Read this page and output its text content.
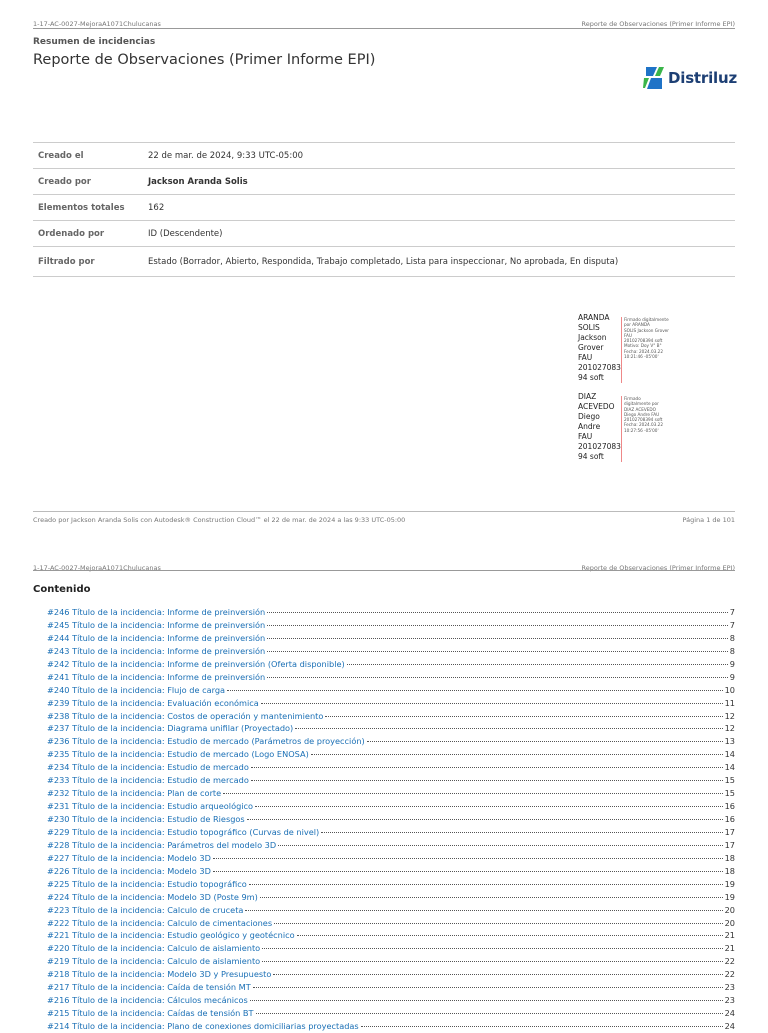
1-17-AC-0027-MejoraA1071Chulucanas	Reporte de Observaciones (Primer Informe EPI)
Resumen de incidencias
Reporte de Observaciones (Primer Informe EPI)
Distriluz
Creado el	22 de mar. de 2024, 9:33 UTC-05:00
Creado por	Jackson Aranda Solis
Elementos totales	162
Ordenado por	ID (Descendente)
Filtrado por	Estado (Borrador, Abierto, Respondida, Trabajo completado, Lista para inspeccionar, No aprobada, En disputa)
ARANDA
SOLIS
Jackson
Grover FAU
201027083
94 soft
Firmado digitalmente por ARANDA
SOLIS Jackson Grover FAU
20102708394 soft
Motivo: Doy V° B°
Fecha: 2024.03.22
10:21:46 -05'00'
DIAZ
ACEVEDO
Diego
Andre FAU
201027083
94 soft
Firmado
digitalmente por
DIAZ ACEVEDO
Diego Andre FAU
20102708394 soft
Fecha: 2024.03.22
10:27:56 -05'00'
Creado por Jackson Aranda Solis con Autodesk® Construction Cloud™ el 22 de mar. de 2024 a las 9:33 UTC-05:00	Página 1 de 101
1-17-AC-0027-MejoraA1071Chulucanas	Reporte de Observaciones (Primer Informe EPI)
Contenido
#246 Título de la incidencia: Informe de preinversión	7
#245 Título de la incidencia: Informe de preinversión	7
#244 Título de la incidencia: Informe de preinversión	8
#243 Título de la incidencia: Informe de preinversión	8
#242 Título de la incidencia: Informe de preinversión (Oferta disponible)	9
#241 Título de la incidencia: Informe de preinversión	9
#240 Título de la incidencia: Flujo de carga	10
#239 Título de la incidencia: Evaluación económica	11
#238 Título de la incidencia: Costos de operación y mantenimiento	12
#237 Título de la incidencia: Diagrama unifilar (Proyectado)	12
#236 Título de la incidencia: Estudio de mercado (Parámetros de proyección)	13
#235 Título de la incidencia: Estudio de mercado (Logo ENOSA)	14
#234 Título de la incidencia: Estudio de mercado	14
#233 Título de la incidencia: Estudio de mercado	15
#232 Título de la incidencia: Plan de corte	15
#231 Título de la incidencia: Estudio arqueológico	16
#230 Título de la incidencia: Estudio de Riesgos	16
#229 Título de la incidencia: Estudio topográfico (Curvas de nivel)	17
#228 Título de la incidencia: Parámetros del modelo 3D	17
#227 Título de la incidencia: Modelo 3D	18
#226 Título de la incidencia: Modelo 3D	18
#225 Título de la incidencia: Estudio topográfico	19
#224 Título de la incidencia: Modelo 3D (Poste 9m)	19
#223 Título de la incidencia: Calculo de cruceta	20
#222 Título de la incidencia: Calculo de cimentaciones	20
#221 Título de la incidencia: Estudio geológico y geotécnico	21
#220 Título de la incidencia: Calculo de aislamiento	21
#219 Título de la incidencia: Calculo de aislamiento	22
#218 Título de la incidencia: Modelo 3D y Presupuesto	22
#217 Título de la incidencia: Caída de tensión MT	23
#216 Título de la incidencia: Cálculos mecánicos	23
#215 Título de la incidencia: Caídas de tensión BT	24
#214 Título de la incidencia: Plano de conexiones domiciliarias proyectadas	24
